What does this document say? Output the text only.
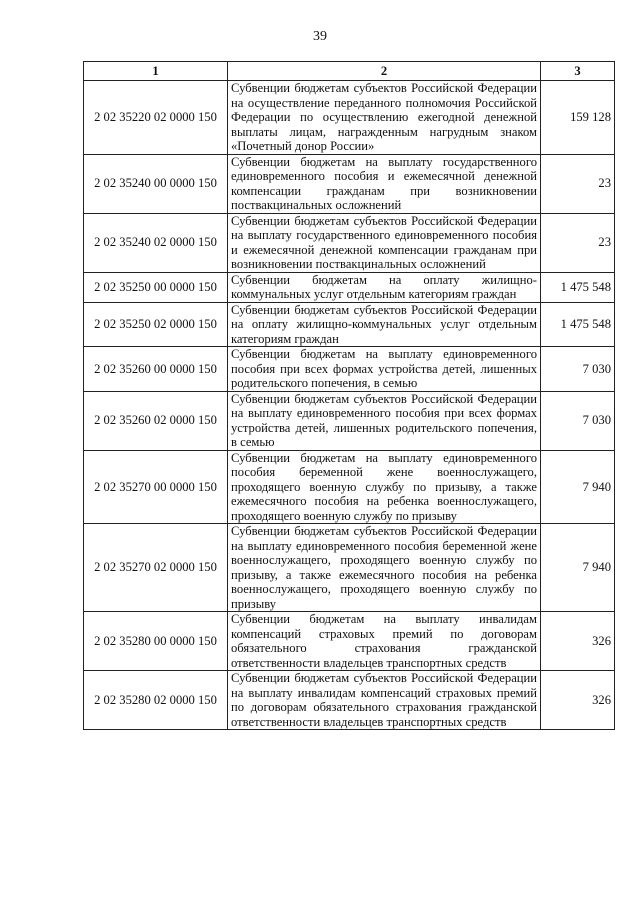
39
1	2	3
2 02 35220 02 0000 150	Субвенции бюджетам субъектов Российской Федерации на осуществление переданного полномочия Российской Федерации по осуществлению ежегодной денежной выплаты лицам, награжденным нагрудным знаком «Почетный донор России»	159 128
2 02 35240 00 0000 150	Субвенции бюджетам на выплату государственного единовременного пособия и ежемесячной денежной компенсации гражданам при возникновении поствакцинальных осложнений	23
2 02 35240 02 0000 150	Субвенции бюджетам субъектов Российской Федерации на выплату государственного единовременного пособия и ежемесячной денежной компенсации гражданам при возникновении поствакцинальных осложнений	23
2 02 35250 00 0000 150	Субвенции бюджетам на оплату жилищно-коммунальных услуг отдельным категориям граждан	1 475 548
2 02 35250 02 0000 150	Субвенции бюджетам субъектов Российской Федерации на оплату жилищно-коммунальных услуг отдельным категориям граждан	1 475 548
2 02 35260 00 0000 150	Субвенции бюджетам на выплату единовременного пособия при всех формах устройства детей, лишенных родительского попечения, в семью	7 030
2 02 35260 02 0000 150	Субвенции бюджетам субъектов Российской Федерации на выплату единовременного пособия при всех формах устройства детей, лишенных родительского попечения, в семью	7 030
2 02 35270 00 0000 150	Субвенции бюджетам на выплату единовременного пособия беременной жене военнослужащего, проходящего военную службу по призыву, а также ежемесячного пособия на ребенка военнослужащего, проходящего военную службу по призыву	7 940
2 02 35270 02 0000 150	Субвенции бюджетам субъектов Российской Федерации на выплату единовременного пособия беременной жене военнослужащего, проходящего военную службу по призыву, а также ежемесячного пособия на ребенка военнослужащего, проходящего военную службу по призыву	7 940
2 02 35280 00 0000 150	Субвенции бюджетам на выплату инвалидам компенсаций страховых премий по договорам обязательного страхования гражданской ответственности владельцев транспортных средств	326
2 02 35280 02 0000 150	Субвенции бюджетам субъектов Российской Федерации на выплату инвалидам компенсаций страховых премий по договорам обязательного страхования гражданской ответственности владельцев транспортных средств	326
